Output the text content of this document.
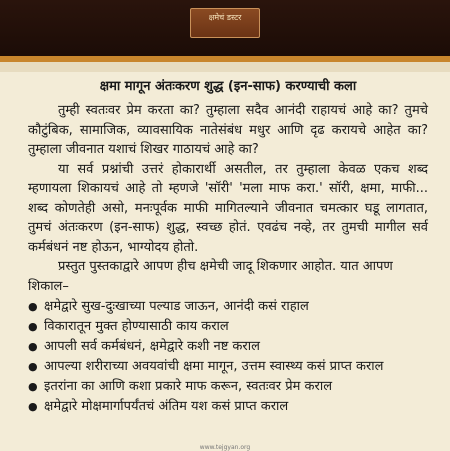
क्षमेचं डस्टर
क्षमा मागून अंतःकरण शुद्ध (इन-साफ) करण्याची कला

तुम्ही स्वतःवर प्रेम करता का? तुम्हाला सदैव आनंदी राहायचं आहे का? तुमचे कौटुंबिक, सामाजिक, व्यावसायिक नातेसंबंध मधुर आणि दृढ करायचे आहेत का? तुम्हाला जीवनात यशाचं शिखर गाठायचं आहे का?

या सर्व प्रश्नांची उत्तरं होकारार्थी असतील, तर तुम्हाला केवळ एकच शब्द म्हणायला शिकायचं आहे तो म्हणजे 'सॉरी' 'मला माफ करा.' सॉरी, क्षमा, माफी... शब्द कोणतेही असो, मनःपूर्वक माफी मागितल्याने जीवनात चमत्कार घडू लागतात, तुमचं अंतःकरण (इन-साफ) शुद्ध, स्वच्छ होतं. एवढंच नव्हे, तर तुमची मागील सर्व कर्मबंधनं नष्ट होऊन, भाग्योदय होतो.

प्रस्तुत पुस्तकाद्वारे आपण हीच क्षमेची जादू शिकणार आहोत. यात आपण

शिकाल–

● क्षमेद्वारे सुख-दुःखाच्या पल्याड जाऊन, आनंदी कसं राहाल
● विकारातून मुक्त होण्यासाठी काय कराल
● आपली सर्व कर्मबंधनं, क्षमेद्वारे कशी नष्ट कराल
● आपल्या शरीराच्या अवयवांची क्षमा मागून, उत्तम स्वास्थ्य कसं प्राप्त कराल
● इतरांना का आणि कशा प्रकारे माफ करून, स्वतःवर प्रेम कराल
● क्षमेद्वारे मोक्षमार्गापर्यंतचं अंतिम यश कसं प्राप्त कराल
www.tejgyan.org
